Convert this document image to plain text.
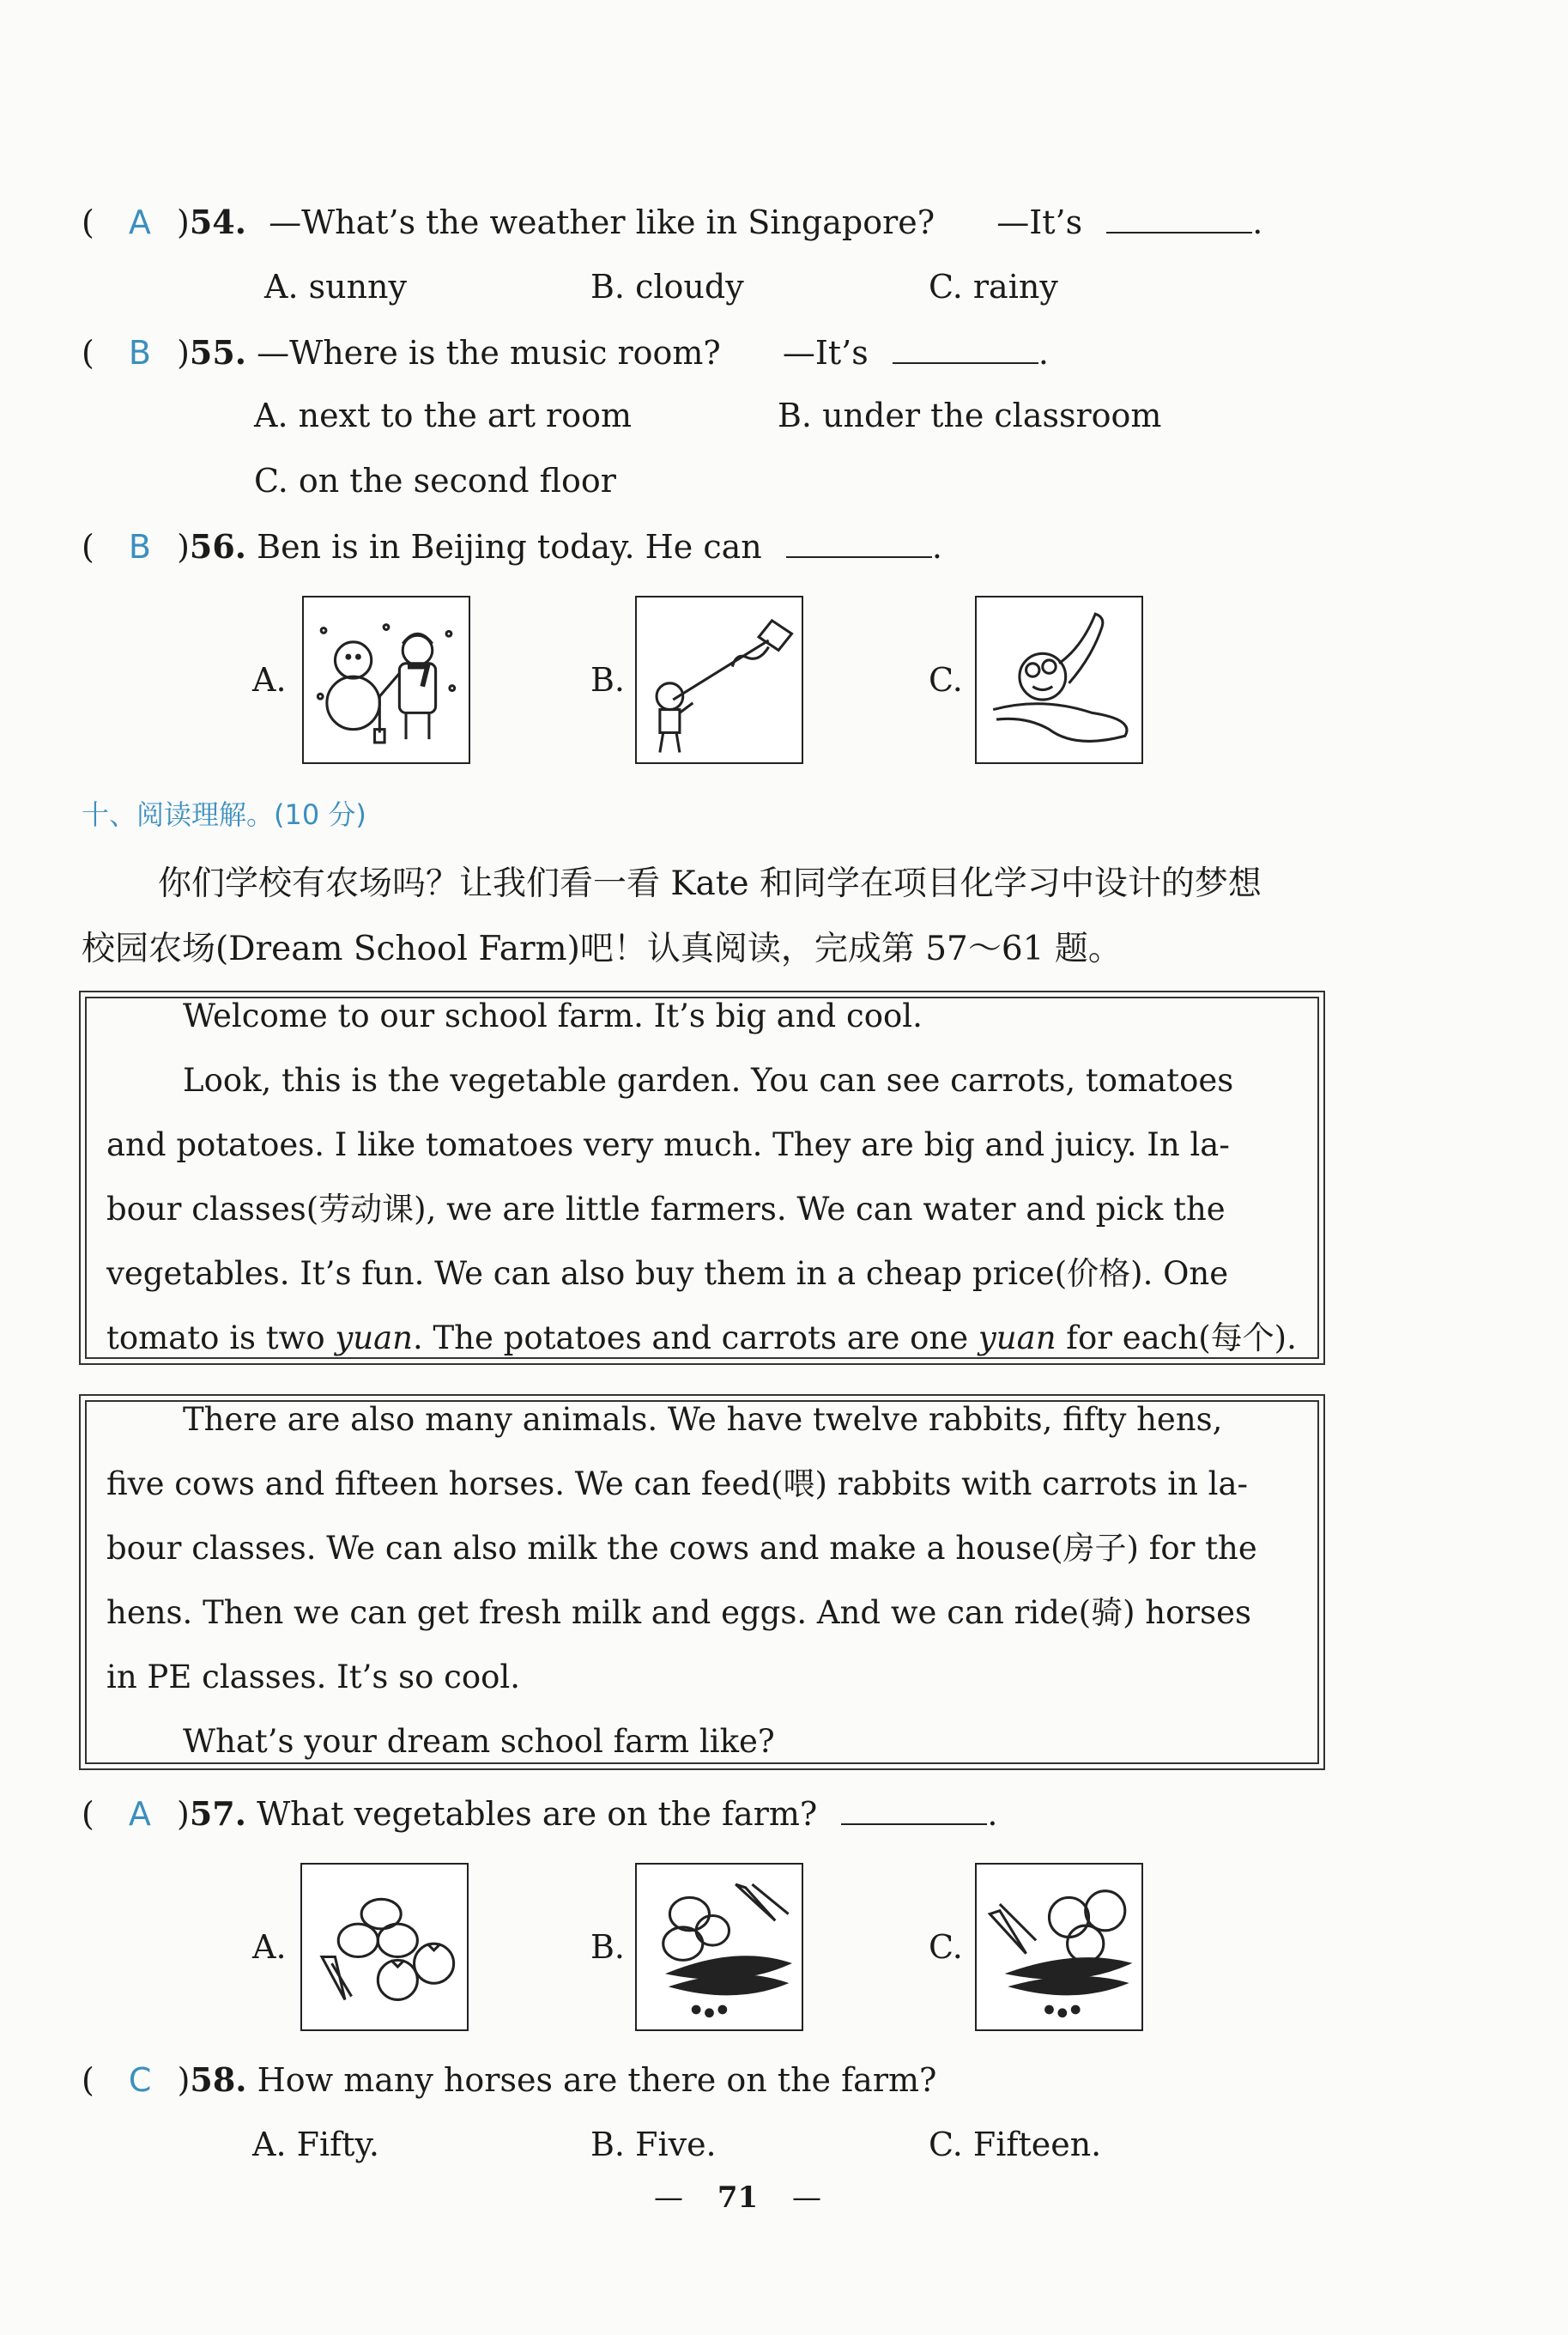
( A )54. —What’s the weather like in Singapore? —It’s	.
A. sunny	B. cloudy	C. rainy
( B )55. —Where is the music room? —It’s	.
A. next to the art room	B. under the classroom
C. on the second floor
( B )56. Ben is in Beijing today. He can	.
A.	B.	C.
十、阅读理解。(10 分)
你们学校有农场吗？让我们看一看 Kate 和同学在项目化学习中设计的梦想
校园农场(Dream School Farm)吧！认真阅读，完成第 57～61 题。
Welcome to our school farm. It’s big and cool.
Look, this is the vegetable garden. You can see carrots, tomatoes
and potatoes. I like tomatoes very much. They are big and juicy. In la-
bour classes(劳动课), we are little farmers. We can water and pick the
vegetables. It’s fun. We can also buy them in a cheap price(价格). One
tomato is two yuan. The potatoes and carrots are one yuan for each(每个).
There are also many animals. We have twelve rabbits, fifty hens,
five cows and fifteen horses. We can feed(喂) rabbits with carrots in la-
bour classes. We can also milk the cows and make a house(房子) for the
hens. Then we can get fresh milk and eggs. And we can ride(骑) horses
in PE classes. It’s so cool.
What’s your dream school farm like?
( A )57. What vegetables are on the farm?	.
A.	B.	C.
( C )58. How many horses are there on the farm?
A. Fifty.	B. Five.	C. Fifteen.
— 71 —
